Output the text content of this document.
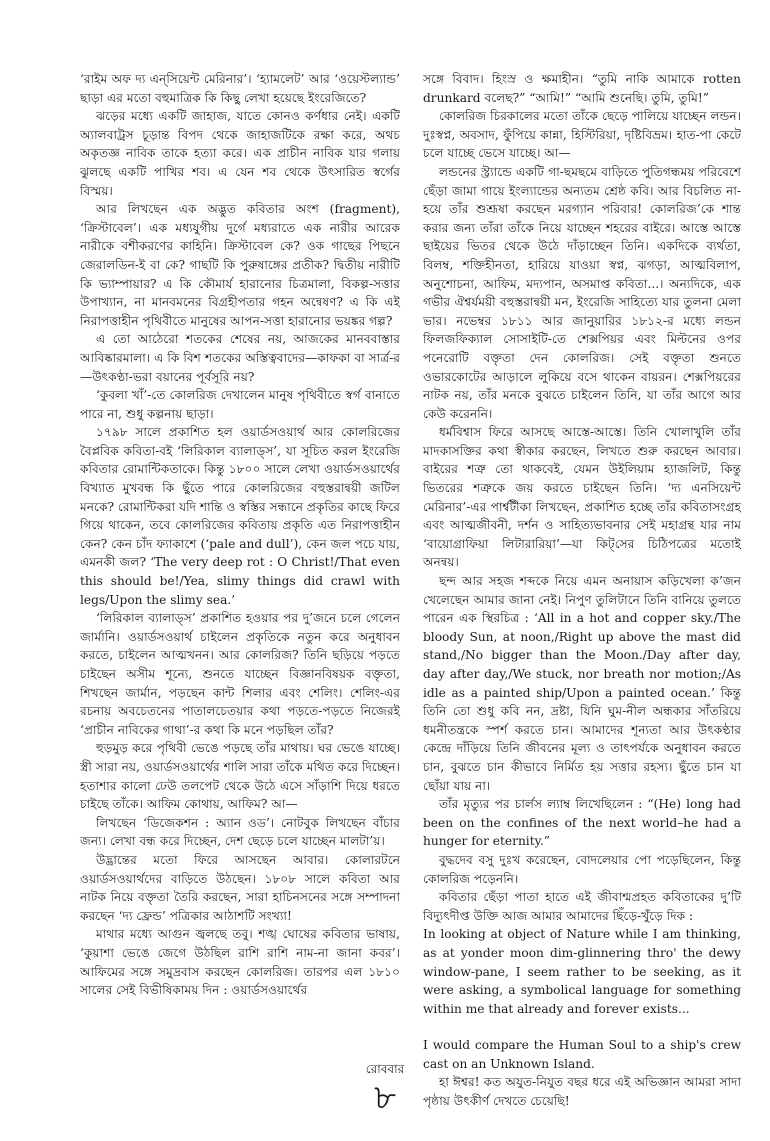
‘রাইম অফ দ্য এন্‌সিয়েন্ট মেরিনার’। ‘হ্যামলেট’ আর ‘ওয়েস্টল্যান্ড’ ছাড়া এর মতো বহুমাত্রিক কি কিছু লেখা হয়েছে ইংরেজিতে?

ঝড়ের মধ্যে একটি জাহাজ, যাতে কোনও কর্ণধার নেই। একটি অ্যালবাট্রস চূড়ান্ত বিপদ থেকে জাহাজটিকে রক্ষা করে, অথচ অকৃতজ্ঞ নাবিক তাকে হত্যা করে। এক প্রাচীন নাবিক যার গলায় ঝুলছে একটি পাখির শব। এ যেন শব থেকে উৎসারিত স্বর্গের বিস্ময়।

আর লিখছেন এক অদ্ভুত কবিতার অংশ (fragment), ‘ক্রিস্টাবেল’। এক মধ্যযুগীয় দুর্গে মধ্যরাতে এক নারীর আরেক নারীকে বশীকরণের কাহিনি। ক্রিস্টাবেল কে? ওক গাছের পিছনে জেরালডিন-ই বা কে? গাছটি কি পুরুষাঙ্গের প্রতীক? দ্বিতীয় নারীটি কি ভ্যাম্পায়ার? এ কি কৌমার্য হারানোর চিত্রমালা, বিকল্প-সত্তার উপাখ্যান, না মানবমনের বিগ্রহীপতার গহন অন্বেষণ? এ কি এই নিরাপত্তাহীন পৃথিবীতে মানুষের আপন-সত্তা হারানোর ভয়ঙ্কর গল্প?

এ তো আঠেরো শতকের শেষের নয়, আজকের মানববাস্তার আবিষ্কারমালা। এ কি বিশ শতকের অস্তিত্ববাদের—কাফকা বা সার্ত্র-র—উৎকণ্ঠা-ভরা বয়ানের পূর্বসূরি নয়?

‘কুবলা খাঁ’-তে কোলরিজ দেখালেন মানুষ পৃথিবীতে স্বর্গ বানাতে পারে না, শুধু কল্পনায় ছাড়া।

১৭৯৮ সালে প্রকাশিত হল ওয়ার্ডসওয়ার্থ আর কোলরিজের বৈপ্লবিক কবিতা-বই ‘লিরিকাল ব্যালাড্‌স’, যা সূচিত করল ইংরেজি কবিতার রোমান্টিকতাকে। কিন্তু ১৮০০ সালে লেখা ওয়ার্ডসওয়ার্থের বিখ্যাত মুখবন্ধ কি ছুঁতে পারে কোলরিজের বহুস্তরান্বয়ী জটিল মনকে? রোমান্টিকরা যদি শান্তি ও স্বস্তির সন্ধানে প্রকৃতির কাছে ফিরে গিয়ে থাকেন, তবে কোলরিজের কবিতায় প্রকৃতি এত নিরাপত্তাহীন কেন? কেন চাঁদ ফ্যাকাশে (‘pale and dull’), কেন জল পচে যায়, এমনকী জল? ‘The very deep rot : O Christ!/That even this should be!/Yea, slimy things did crawl with legs/Upon the slimy sea.’

‘লিরিকাল ব্যালাড্‌স’ প্রকাশিত হওয়ার পর দু’জনে চলে গেলেন জার্মানি। ওয়ার্ডসওয়ার্থ চাইলেন প্রকৃতিকে নতুন করে অনুধাবন করতে, চাইলেন আত্মখনন। আর কোলরিজ? তিনি ছড়িয়ে পড়তে চাইছেন অসীম শূন্যে, শুনতে যাচ্ছেন বিজ্ঞানবিষয়ক বক্তৃতা, শিখছেন জার্মান, পড়ছেন কান্ট শিলার এবং শেলিং। শেলিং-এর রচনায় অবচেতনের পাতালচেতয়ার কথা পড়তে-পড়তে নিজেরই ‘প্রাচীন নাবিকের গাথা’-র কথা কি মনে পড়ছিল তাঁর?

হুড়মুড় করে পৃথিবী ভেঙে পড়ছে তাঁর মাথায়। ঘর ভেঙে যাচ্ছে। স্ত্রী সারা নয়, ওয়ার্ডসওয়ার্থের শালি সারা তাঁকে মথিত করে দিচ্ছেন। হতাশার কালো ঢেউ তলপেট থেকে উঠে এসে সাঁড়াশি দিয়ে ধরতে চাইছে তাঁকে। আফিম কোথায়, আফিম? আ—

লিখছেন ‘ডিজেকশন : অ্যান ওড’। নোটবুক লিখছেন বাঁচার জন্য। লেখা বন্ধ করে দিচ্ছেন, দেশ ছেড়ে চলে যাচ্ছেন মালটা’য়।

উদ্ভ্রান্তের মতো ফিরে আসছেন আবার। কোলারটনে ওয়ার্ডসওয়ার্থদের বাড়িতে উঠছেন। ১৮০৮ সালে কবিতা আর নাটক নিয়ে বক্তৃতা তৈরি করছেন, সারা হাচিনসনের সঙ্গে সম্পাদনা করছেন ‘দ্য ফ্রেন্ড’ পত্রিকার আঠাশটি সংখ্যা!

মাথার মধ্যে আগুন জ্বলছে তবু। শঙ্খ ঘোষের কবিতার ভাষায়, ‘কুয়াশা ভেঙে জেগে উঠছিল রাশি রাশি নাম-না জানা কবর’। আফিমের সঙ্গে সমুদ্রবাস করছেন কোলরিজ। তারপর এল ১৮১০ সালের সেই বিভীষিকাময় দিন : ওয়ার্ডসওয়ার্থের

সঙ্গে বিবাদ। হিংস্র ও ক্ষমাহীন। “তুমি নাকি আমাকে rotten drunkard বলেছ?” “আমি!” “আমি শুনেছি। তুমি, তুমি!”

কোলরিজ চিরকালের মতো তাঁকে ছেড়ে পালিয়ে যাচ্ছেন লন্ডন। দুঃস্বপ্ন, অবসাদ, ফুঁপিয়ে কান্না, হিস্টিরিয়া, দৃষ্টিবিভ্রম। হাত-পা কেটে চলে যাচ্ছে ভেসে যাচ্ছে। আ—

লন্ডনের স্ট্র্যান্ডে একটি গা-ছমছমে বাড়িতে পুতিগন্ধময় পরিবেশে ছেঁড়া জামা গায়ে ইংল্যান্ডের অন্যতম শ্রেষ্ঠ কবি। আর বিচলিত না-হয়ে তাঁর শুশ্রূষা করছেন মরগ্যান পরিবার! কোলরিজ’কে শান্ত করার জন্য তাঁরা তাঁকে নিয়ে যাচ্ছেন শহরের বাইরে। আস্তে আস্তে ছাইয়ের ভিতর থেকে উঠে দাঁড়াচ্ছেন তিনি। একদিকে ব্যর্থতা, বিলম্ব, শক্তিহীনতা, হারিয়ে যাওয়া স্বপ্ন, ঝগড়া, আত্মবিলাপ, অনুশোচনা, আফিম, মদ্যপান, অসমাপ্ত কবিতা...। অন্যদিকে, এক গভীর ঐশ্বর্যময়ী বহুস্তরান্বয়ী মন, ইংরেজি সাহিত্যে যার তুলনা মেলা ভার। নভেম্বর ১৮১১ আর জানুয়ারির ১৮১২-র মধ্যে লন্ডন ফিলজফিক্যাল সোসাইটি-তে শেক্সপিয়র এবং মিল্টনের ওপর পনেরোটি বক্তৃতা দেন কোলরিজ। সেই বক্তৃতা শুনতে ওভারকোটের আড়ালে লুকিয়ে বসে থাকেন বায়রন। শেক্সপিয়রের নাটক নয়, তাঁর মনকে বুঝতে চাইলেন তিনি, যা তাঁর আগে আর কেউ করেননি।

ধর্মবিশ্বাস ফিরে আসছে আস্তে-আস্তে। তিনি খোলাখুলি তাঁর মাদকাসক্তির কথা স্বীকার করছেন, লিখতে শুরু করছেন আবার। বাইরের শত্রু তো থাকবেই, যেমন উইলিয়াম হ্যাজলিট, কিন্তু ভিতরের শত্রুকে জয় করতে চাইছেন তিনি। ‘দ্য এনসিয়েন্ট মেরিনার’-এর পার্শ্বটীকা লিখছেন, প্রকাশিত হচ্ছে তাঁর কবিতাসংগ্রহ এবং আত্মজীবনী, দর্শন ও সাহিত্যভাবনার সেই মহাগ্রন্থ যার নাম ‘বায়োগ্রাফিয়া লিটারারিয়া’—যা কিট্‌সের চিঠিপত্রের মতোই অনন্বয়।

ছন্দ আর সহজ শব্দকে নিয়ে এমন অনায়াস কড়িখেলা ক’জন খেলেছেন আমার জানা নেই। নিপুণ তুলিটানে তিনি বানিয়ে তুলতে পারেন এক স্থিরচিত্র : ‘All in a hot and copper sky./The bloody Sun, at noon,/Right up above the mast did stand,/No bigger than the Moon./Day after day, day after day,/We stuck, nor breath nor motion;/As idle as a painted ship/Upon a painted ocean.’ কিন্তু তিনি তো শুধু কবি নন, দ্রষ্টা, যিনি ঘুম-নীল অন্ধকার সাঁতরিয়ে ধমনীতন্ত্রকে স্পর্শ করতে চান। আমাদের শূন্যতা আর উৎকণ্ঠার কেন্দ্রে দাঁড়িয়ে তিনি জীবনের মূল্য ও তাৎপর্যকে অনুধাবন করতে চান, বুঝতে চান কীভাবে নির্মিত হয় সত্তার রহস্য। ছুঁতে চান যা ছোঁয়া যায় না।

তাঁর মৃত্যুর পর চার্লস ল্যাম্ব লিখেছিলেন : “(He) long had been on the confines of the next world–he had a hunger for eternity.”

বুদ্ধদেব বসু দুঃখ করেছেন, বোদলেয়ার পো পড়েছিলেন, কিন্তু কোলরিজ পড়েননি।

কবিতার ছেঁড়া পাতা হাতে এই জীবাশ্মপ্রহত কবিতাকের দু’টি বিদ্যুৎদীপ্ত উক্তি আজ আমার আমাদের ছিঁড়ে-খুঁড়ে দিক :

In looking at object of Nature while I am thinking, as at yonder moon dim-glinnering thro' the dewy window-pane, I seem rather to be seeking, as it were asking, a symbolical language for something within me that already and forever exists...

I would compare the Human Soul to a ship's crew cast on an Unknown Island.

হা ঈশ্বর! কত অযুত-নিযুত বছর ধরে এই অভিজ্ঞান আমরা সাদা পৃষ্ঠায় উৎকীর্ণ দেখতে চেয়েছি!

রোববার
৮
